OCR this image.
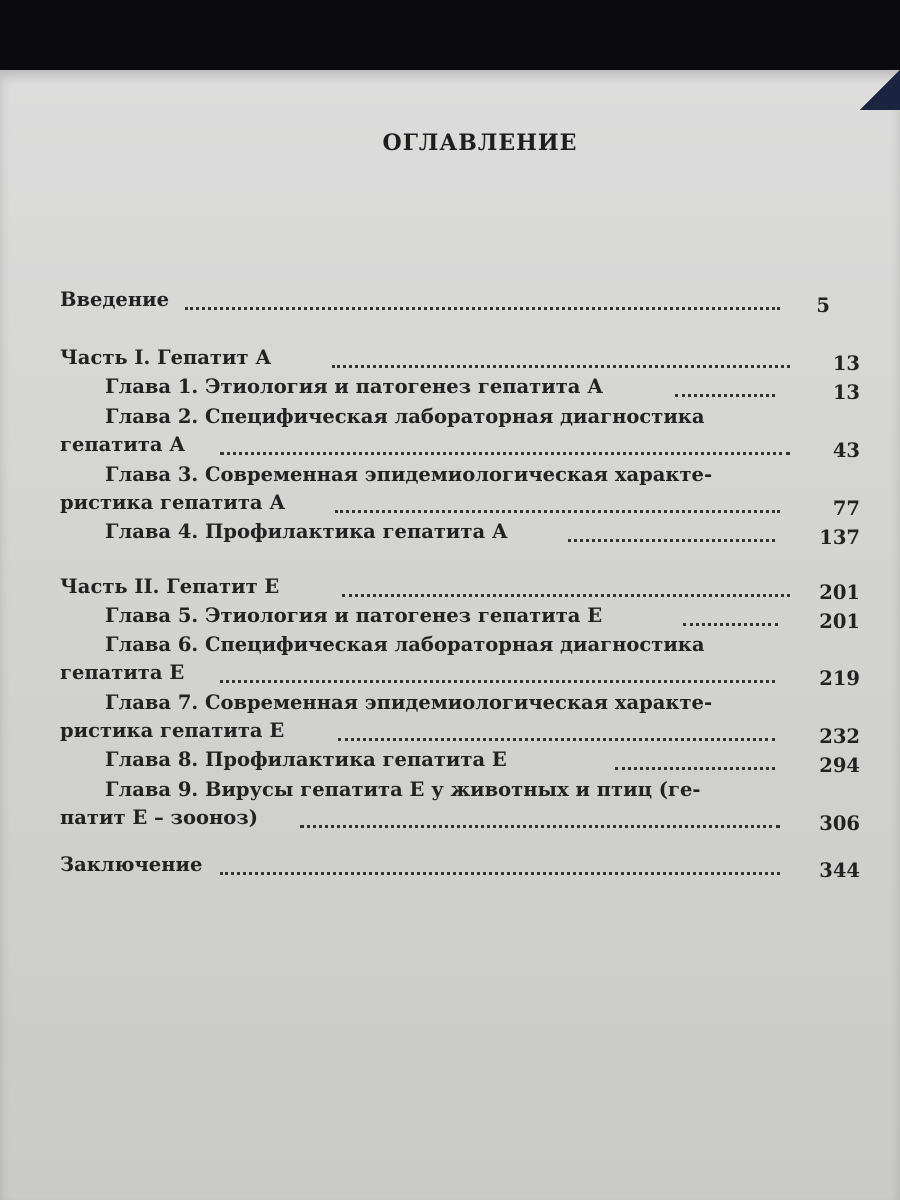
ОГЛАВЛЕНИЕ
Введение	5
Часть I. Гепатит А	13
Глава 1. Этиология и патогенез гепатита А	13
Глава 2. Специфическая лабораторная диагностика
гепатита А	43
Глава 3. Современная эпидемиологическая характе-
ристика гепатита А	77
Глава 4. Профилактика гепатита А	137
Часть II. Гепатит Е	201
Глава 5. Этиология и патогенез гепатита Е	201
Глава 6. Специфическая лабораторная диагностика
гепатита Е	219
Глава 7. Современная эпидемиологическая характе-
ристика гепатита Е	232
Глава 8. Профилактика гепатита Е	294
Глава 9. Вирусы гепатита Е у животных и птиц (ге-
патит Е – зооноз)	306
Заключение	344
